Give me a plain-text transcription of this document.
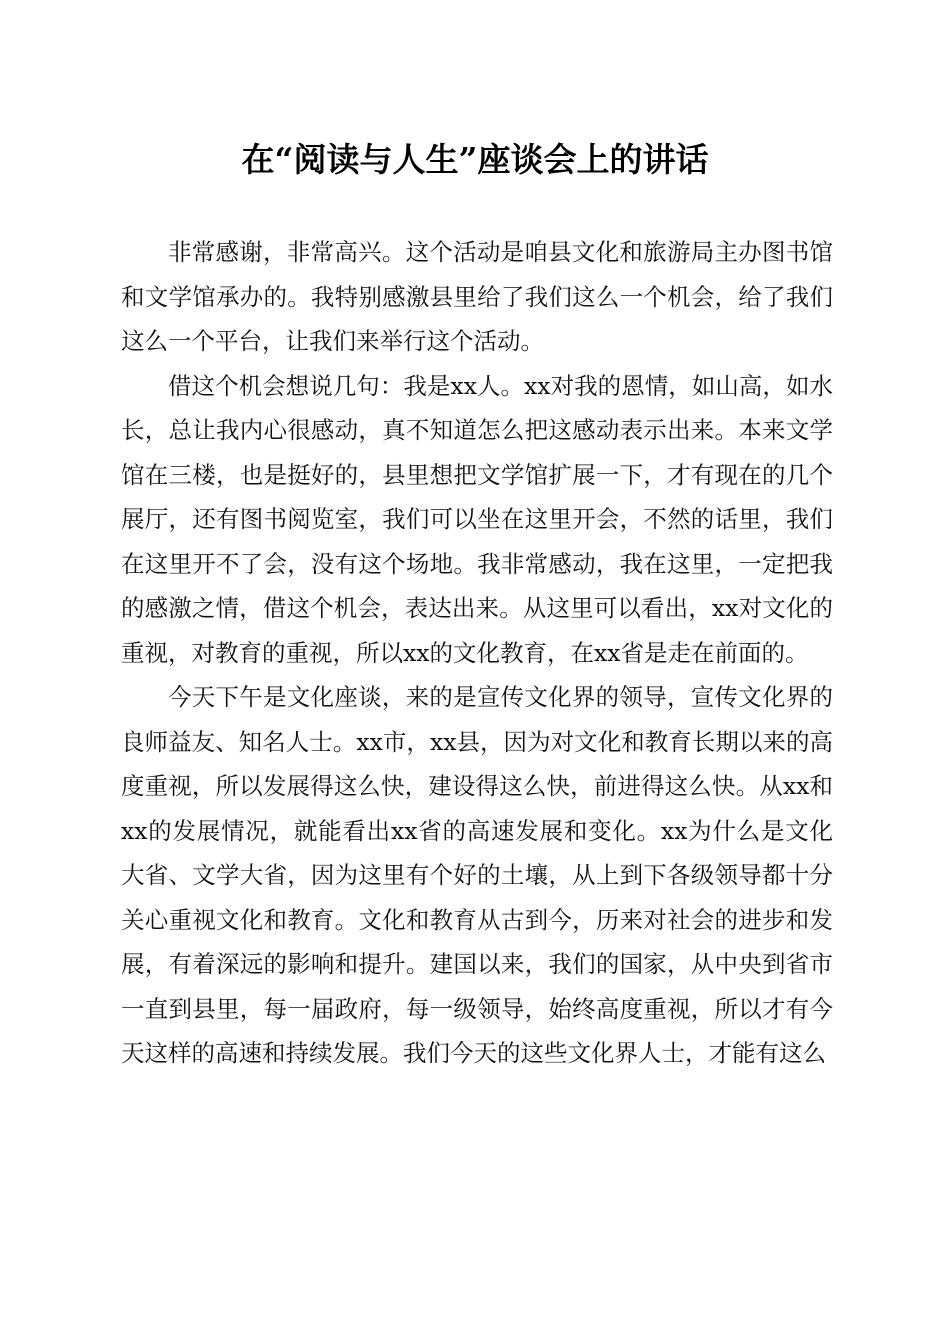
在“阅读与人生”座谈会上的讲话

非常感谢，非常高兴。这个活动是咱县文化和旅游局主办图书馆和文学馆承办的。我特别感激县里给了我们这么一个机会，给了我们这么一个平台，让我们来举行这个活动。

借这个机会想说几句：我是xx人。xx对我的恩情，如山高，如水长，总让我内心很感动，真不知道怎么把这感动表示出来。本来文学馆在三楼，也是挺好的，县里想把文学馆扩展一下，才有现在的几个展厅，还有图书阅览室，我们可以坐在这里开会，不然的话里，我们在这里开不了会，没有这个场地。我非常感动，我在这里，一定把我的感激之情，借这个机会，表达出来。从这里可以看出，xx对文化的重视，对教育的重视，所以xx的文化教育，在xx省是走在前面的。

今天下午是文化座谈，来的是宣传文化界的领导，宣传文化界的良师益友、知名人士。xx市，xx县，因为对文化和教育长期以来的高度重视，所以发展得这么快，建设得这么快，前进得这么快。从xx和xx的发展情况，就能看出xx省的高速发展和变化。xx为什么是文化大省、文学大省，因为这里有个好的土壤，从上到下各级领导都十分关心重视文化和教育。文化和教育从古到今，历来对社会的进步和发展，有着深远的影响和提升。建国以来，我们的国家，从中央到省市一直到县里，每一届政府，每一级领导，始终高度重视，所以才有今天这样的高速和持续发展。我们今天的这些文化界人士，才能有这么
